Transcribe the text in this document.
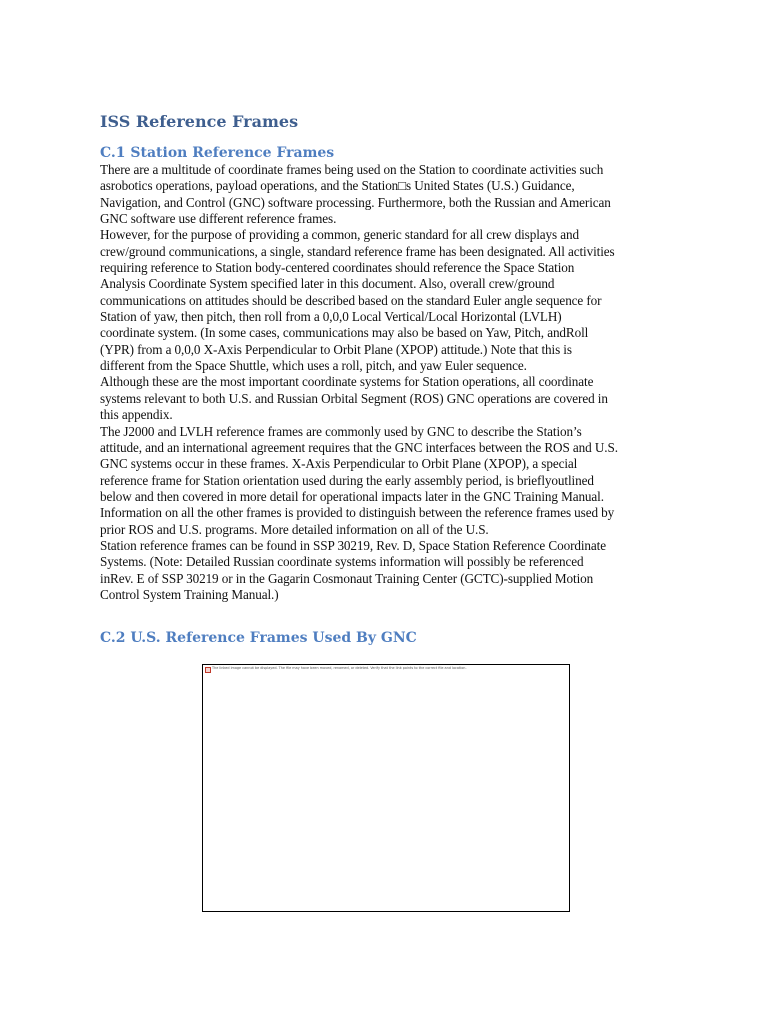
ISS Reference Frames
C.1 Station Reference Frames
There are a multitude of coordinate frames being used on the Station to coordinate activities such
asrobotics operations, payload operations, and the Station□s United States (U.S.) Guidance,
Navigation, and Control (GNC) software processing. Furthermore, both the Russian and American
GNC software use different reference frames.
However, for the purpose of providing a common, generic standard for all crew displays and
crew/ground communications, a single, standard reference frame has been designated. All activities
requiring reference to Station body-centered coordinates should reference the Space Station
Analysis Coordinate System specified later in this document. Also, overall crew/ground
communications on attitudes should be described based on the standard Euler angle sequence for
Station of yaw, then pitch, then roll from a 0,0,0 Local Vertical/Local Horizontal (LVLH)
coordinate system. (In some cases, communications may also be based on Yaw, Pitch, andRoll
(YPR) from a 0,0,0 X-Axis Perpendicular to Orbit Plane (XPOP) attitude.) Note that this is
different from the Space Shuttle, which uses a roll, pitch, and yaw Euler sequence.
Although these are the most important coordinate systems for Station operations, all coordinate
systems relevant to both U.S. and Russian Orbital Segment (ROS) GNC operations are covered in
this appendix.
The J2000 and LVLH reference frames are commonly used by GNC to describe the Station’s
attitude, and an international agreement requires that the GNC interfaces between the ROS and U.S.
GNC systems occur in these frames. X-Axis Perpendicular to Orbit Plane (XPOP), a special
reference frame for Station orientation used during the early assembly period, is brieflyoutlined
below and then covered in more detail for operational impacts later in the GNC Training Manual.
Information on all the other frames is provided to distinguish between the reference frames used by
prior ROS and U.S. programs. More detailed information on all of the U.S.
Station reference frames can be found in SSP 30219, Rev. D, Space Station Reference Coordinate
Systems. (Note: Detailed Russian coordinate systems information will possibly be referenced
inRev. E of SSP 30219 or in the Gagarin Cosmonaut Training Center (GCTC)-supplied Motion
Control System Training Manual.)
C.2 U.S. Reference Frames Used By GNC
The linked image cannot be displayed. The file may have been moved, renamed, or deleted. Verify that the link points to the correct file and location.
